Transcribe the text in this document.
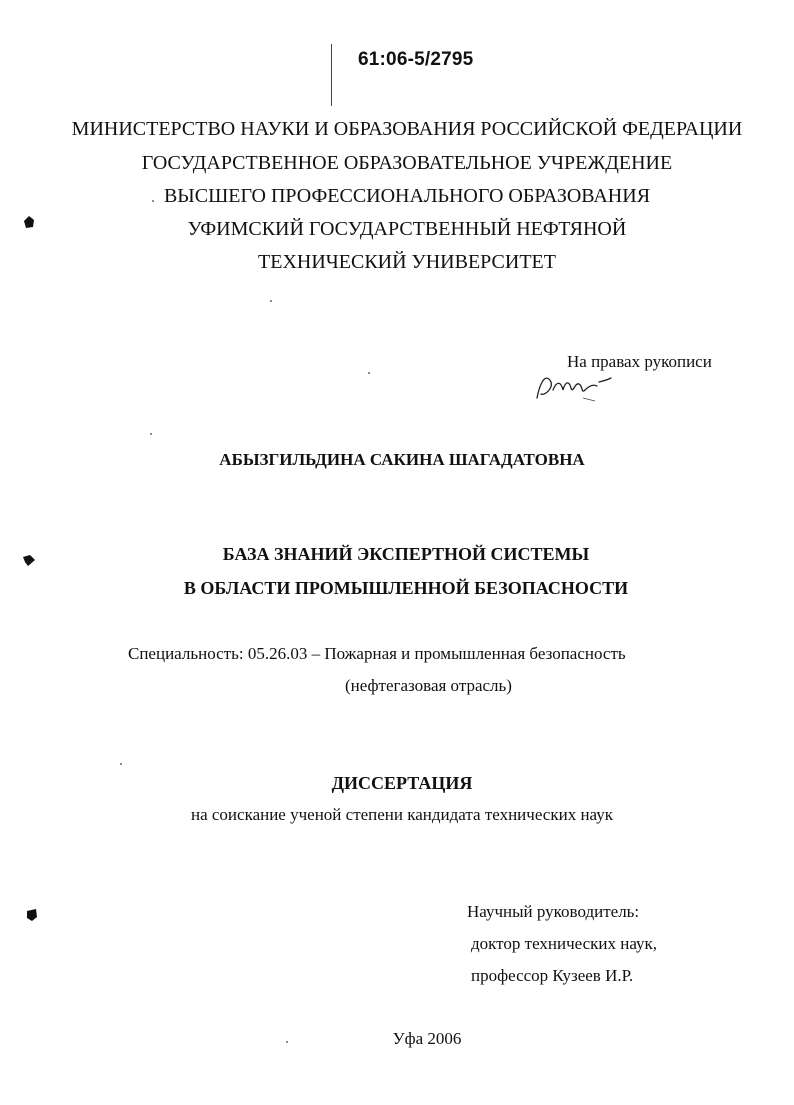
61:06-5/2795
МИНИСТЕРСТВО НАУКИ И ОБРАЗОВАНИЯ РОССИЙСКОЙ ФЕДЕРАЦИИ
ГОСУДАРСТВЕННОЕ ОБРАЗОВАТЕЛЬНОЕ УЧРЕЖДЕНИЕ
ВЫСШЕГО ПРОФЕССИОНАЛЬНОГО ОБРАЗОВАНИЯ
УФИМСКИЙ ГОСУДАРСТВЕННЫЙ НЕФТЯНОЙ
ТЕХНИЧЕСКИЙ УНИВЕРСИТЕТ
На правах рукописи
АБЫЗГИЛЬДИНА САКИНА ШАГАДАТОВНА
БАЗА ЗНАНИЙ ЭКСПЕРТНОЙ СИСТЕМЫ
В ОБЛАСТИ ПРОМЫШЛЕННОЙ БЕЗОПАСНОСТИ
Специальность: 05.26.03 – Пожарная и промышленная безопасность
(нефтегазовая отрасль)
ДИССЕРТАЦИЯ
на соискание ученой степени кандидата технических наук
Научный руководитель:
доктор технических наук,
профессор Кузеев И.Р.
Уфа 2006
